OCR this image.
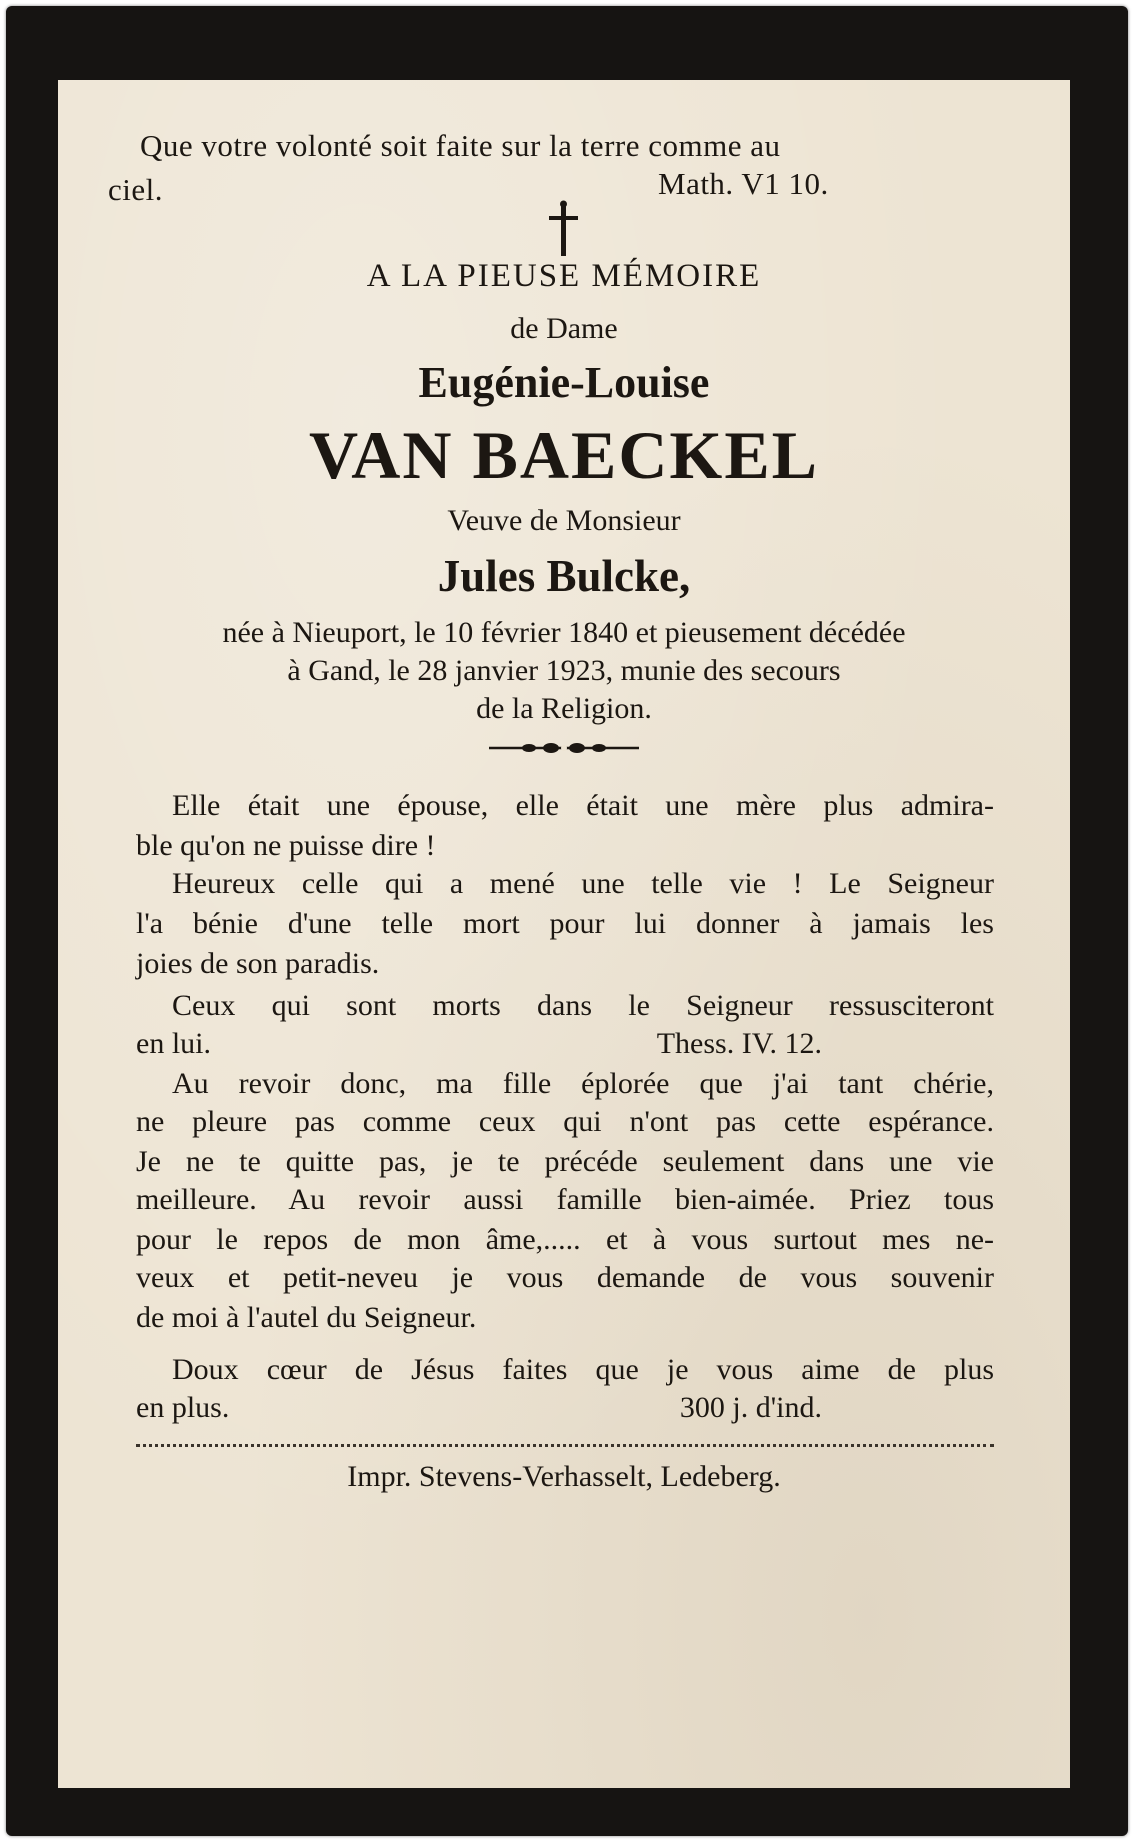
Que votre volonté soit faite sur la terre comme au
ciel.	Math. V1 10.
A LA PIEUSE MÉMOIRE
de Dame
Eugénie-Louise
VAN BAECKEL
Veuve de Monsieur
Jules Bulcke,
née à Nieuport, le 10 février 1840 et pieusement décédée
à Gand, le 28 janvier 1923, munie des secours
de la Religion.
Elle était une épouse, elle était une mère plus admira-
ble qu'on ne puisse dire !
Heureux celle qui a mené une telle vie ! Le Seigneur
l'a bénie d'une telle mort pour lui donner à jamais les
joies de son paradis.
Ceux qui sont morts dans le Seigneur ressusciteront
en lui.	Thess. IV. 12.
Au revoir donc, ma fille éplorée que j'ai tant chérie,
ne pleure pas comme ceux qui n'ont pas cette espérance.
Je ne te quitte pas, je te précéde seulement dans une vie
meilleure. Au revoir aussi famille bien-aimée. Priez tous
pour le repos de mon âme,..... et à vous surtout mes ne-
veux et petit-neveu je vous demande de vous souvenir
de moi à l'autel du Seigneur.
Doux cœur de Jésus faites que je vous aime de plus
en plus.	300 j. d'ind.
Impr. Stevens-Verhasselt, Ledeberg.
